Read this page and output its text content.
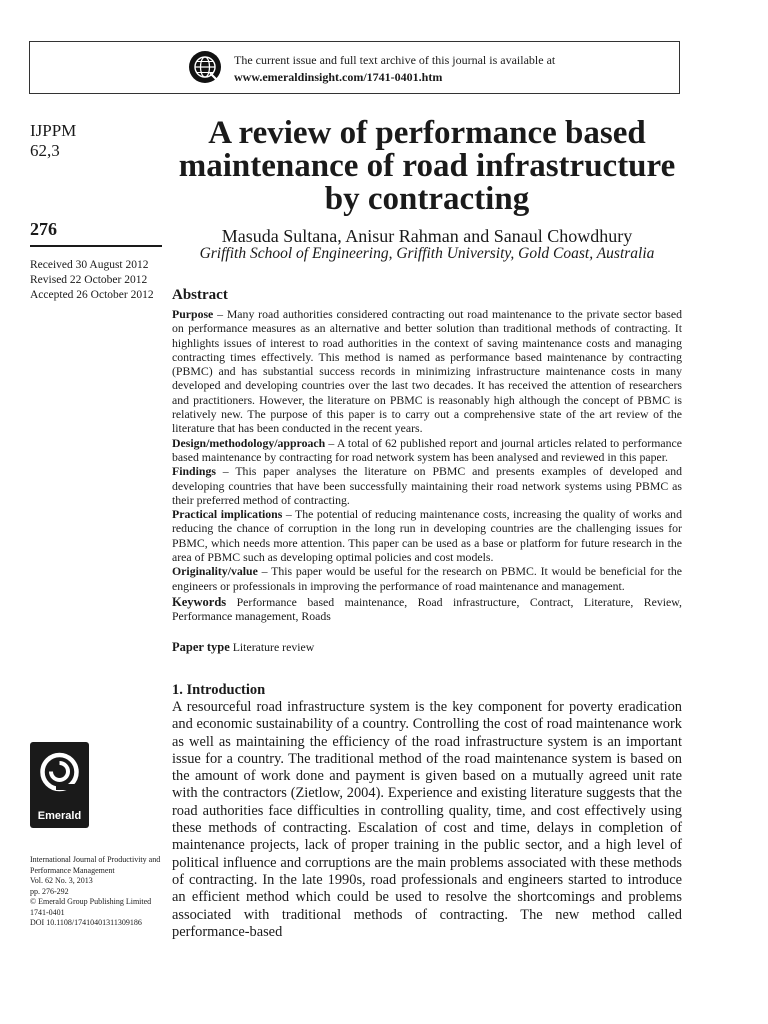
The current issue and full text archive of this journal is available at
www.emeraldinsight.com/1741-0401.htm
IJPPM
62,3
276
Received 30 August 2012
Revised 22 October 2012
Accepted 26 October 2012
A review of performance based maintenance of road infrastructure by contracting
Masuda Sultana, Anisur Rahman and Sanaul Chowdhury
Griffith School of Engineering, Griffith University, Gold Coast, Australia
Abstract

Purpose – Many road authorities considered contracting out road maintenance to the private sector based on performance measures as an alternative and better solution than traditional methods of contracting. It highlights issues of interest to road authorities in the context of saving maintenance costs and managing contracting times effectively. This method is named as performance based maintenance by contracting (PBMC) and has substantial success records in minimizing infrastructure maintenance costs in many developed and developing countries over the last two decades. It has received the attention of researchers and practitioners. However, the literature on PBMC is reasonably high although the concept of PBMC is relatively new. The purpose of this paper is to carry out a comprehensive state of the art review of the literature that has been conducted in the recent years.

Design/methodology/approach – A total of 62 published report and journal articles related to performance based maintenance by contracting for road network system has been analysed and reviewed in this paper.

Findings – This paper analyses the literature on PBMC and presents examples of developed and developing countries that have been successfully maintaining their road network systems using PBMC as their preferred method of contracting.

Practical implications – The potential of reducing maintenance costs, increasing the quality of works and reducing the chance of corruption in the long run in developing countries are the challenging issues for PBMC, which needs more attention. This paper can be used as a base or platform for future research in the area of PBMC such as developing optimal policies and cost models.

Originality/value – This paper would be useful for the research on PBMC. It would be beneficial for the engineers or professionals in improving the performance of road maintenance and management.

Keywords Performance based maintenance, Road infrastructure, Contract, Literature, Review, Performance management, Roads

Paper type Literature review
1. Introduction

A resourceful road infrastructure system is the key component for poverty eradication and economic sustainability of a country. Controlling the cost of road maintenance work as well as maintaining the efficiency of the road infrastructure system is an important issue for a country. The traditional method of the road maintenance system is based on the amount of work done and payment is given based on a mutually agreed unit rate with the contractors (Zietlow, 2004). Experience and existing literature suggests that the road authorities face difficulties in controlling quality, time, and cost effectively using these methods of contracting. Escalation of cost and time, delays in completion of maintenance projects, lack of proper training in the public sector, and a high level of political influence and corruptions are the main problems associated with these methods of contracting. In the late 1990s, road professionals and engineers started to introduce an efficient method which could be used to resolve the shortcomings and problems associated with traditional methods of contracting. The new method called performance-based

Emerald
International Journal of Productivity and Performance Management
Vol. 62 No. 3, 2013
pp. 276-292
© Emerald Group Publishing Limited
1741-0401
DOI 10.1108/17410401311309186
